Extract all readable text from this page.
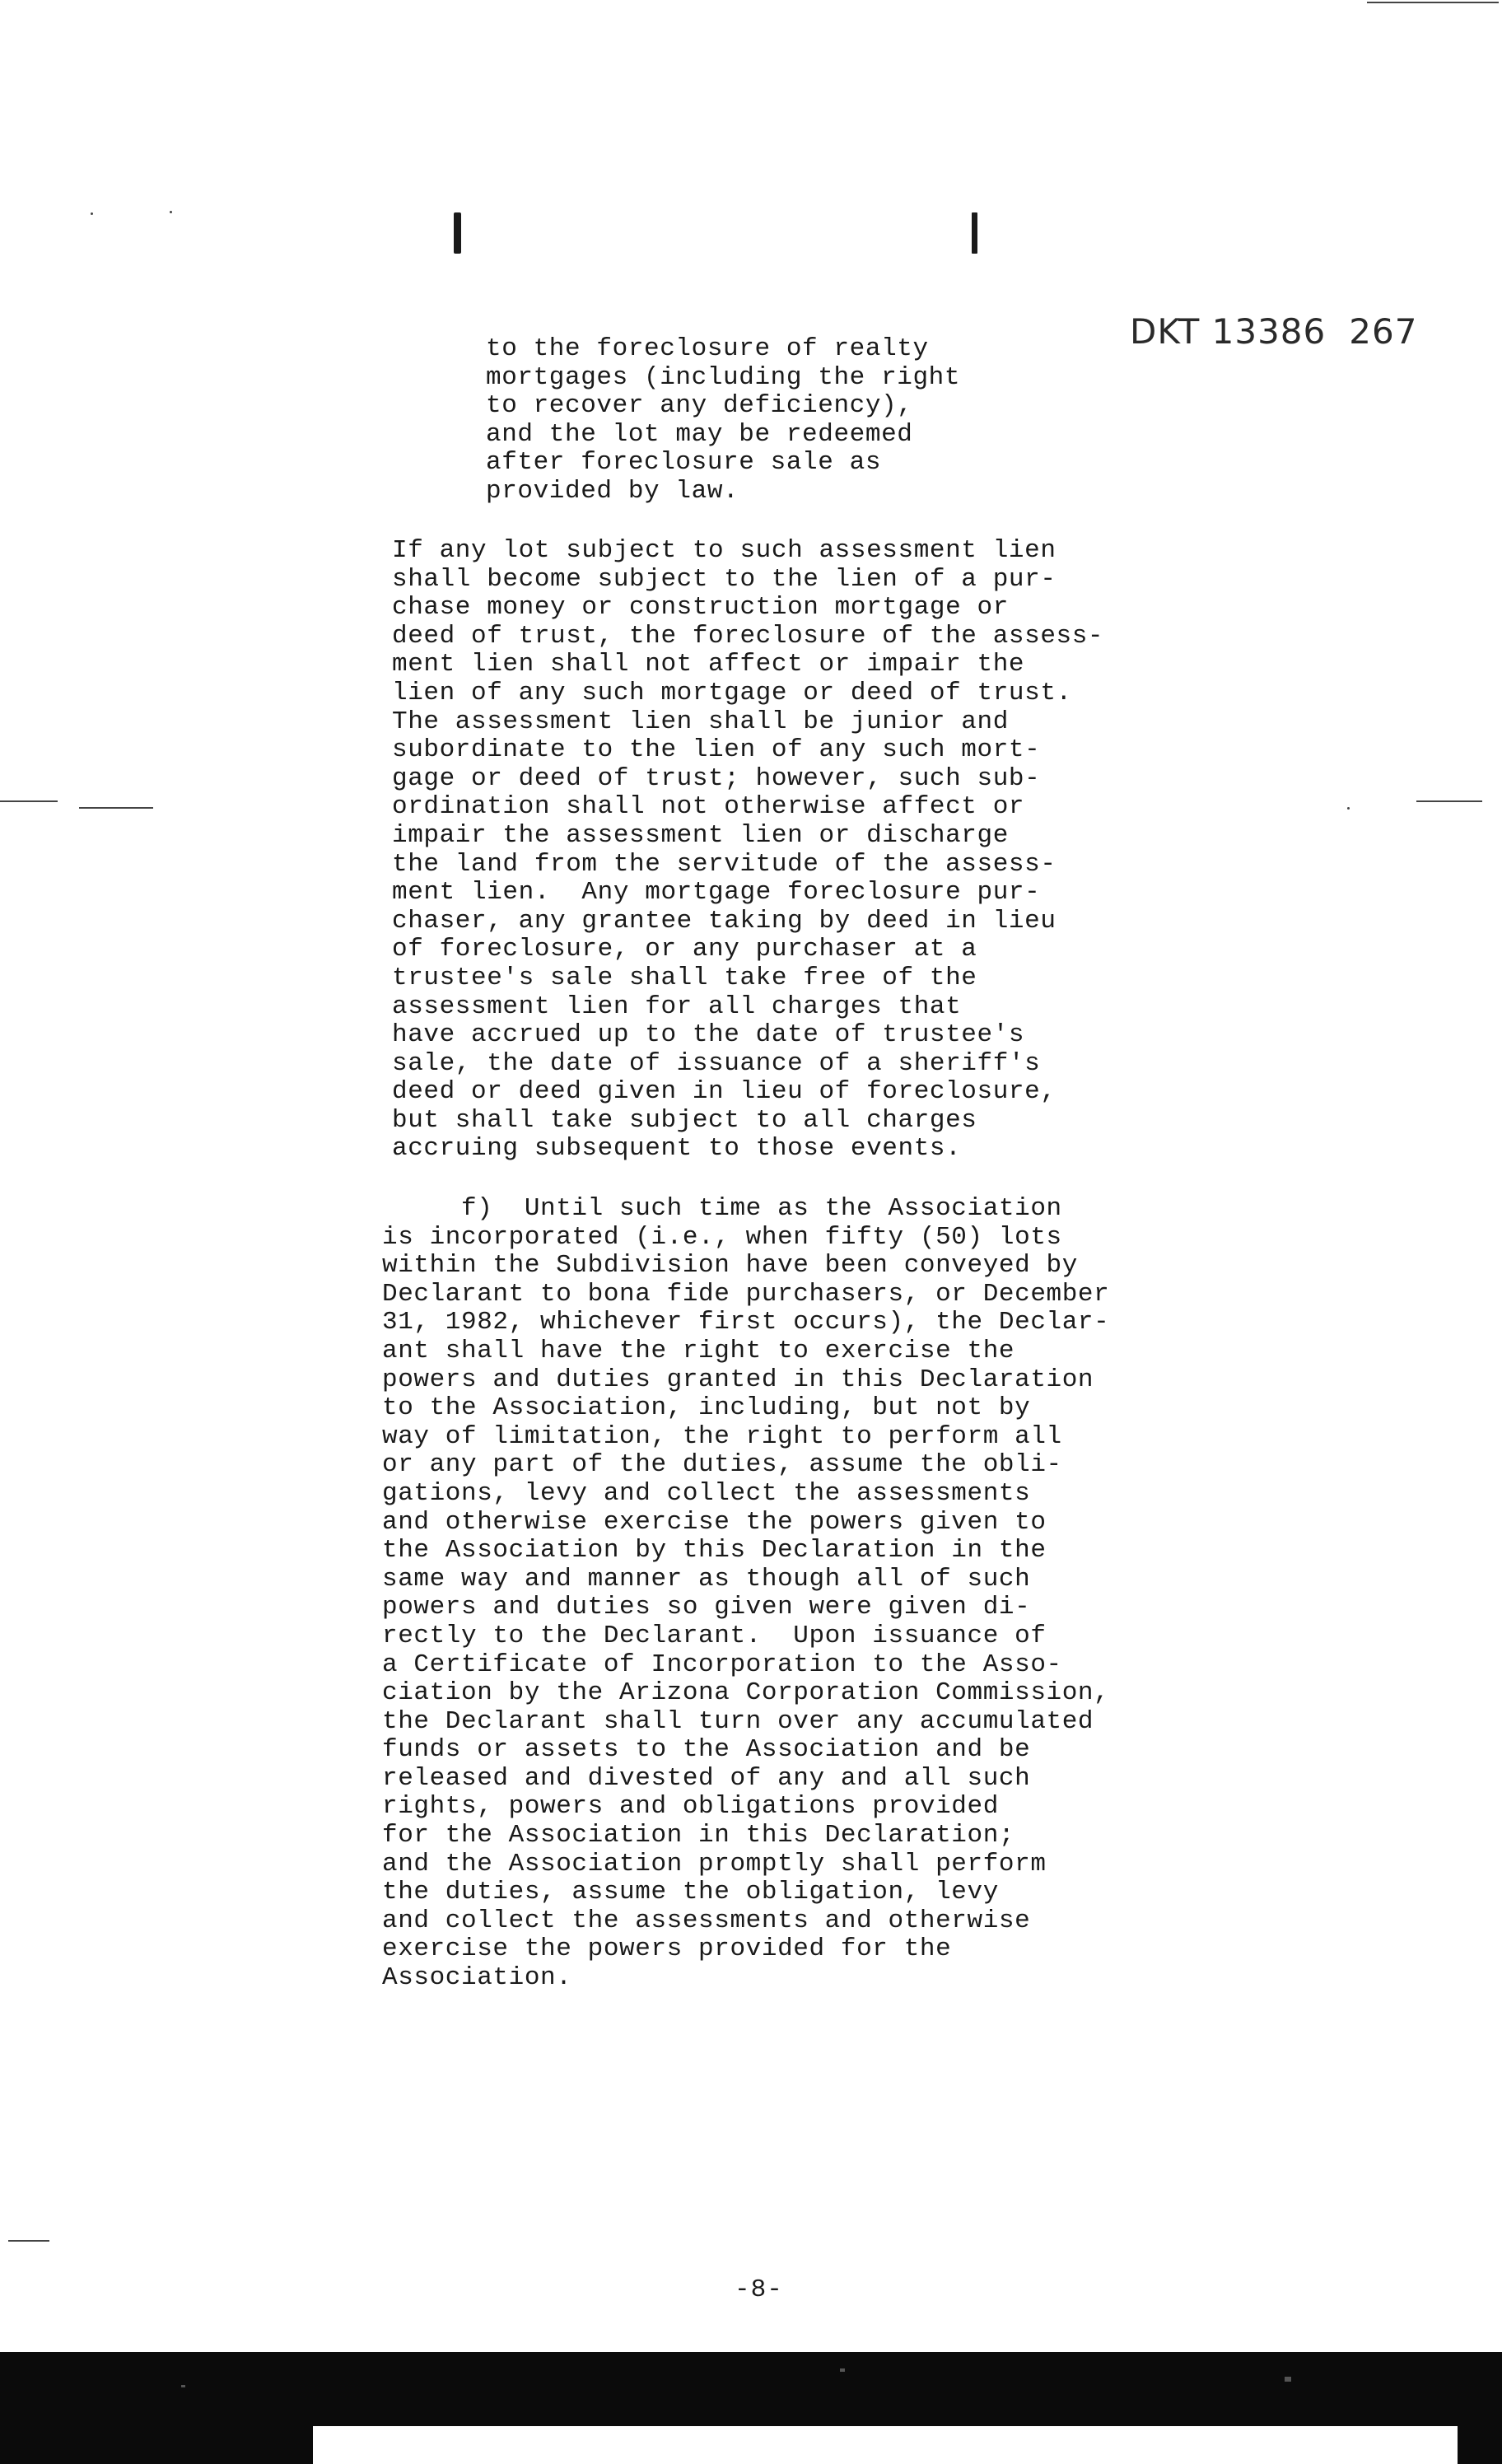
DKT 13386 267
to the foreclosure of realty
mortgages (including the right
to recover any deficiency),
and the lot may be redeemed
after foreclosure sale as
provided by law.
If any lot subject to such assessment lien
shall become subject to the lien of a pur-
chase money or construction mortgage or
deed of trust, the foreclosure of the assess-
ment lien shall not affect or impair the
lien of any such mortgage or deed of trust.
The assessment lien shall be junior and
subordinate to the lien of any such mort-
gage or deed of trust; however, such sub-
ordination shall not otherwise affect or
impair the assessment lien or discharge
the land from the servitude of the assess-
ment lien.  Any mortgage foreclosure pur-
chaser, any grantee taking by deed in lieu
of foreclosure, or any purchaser at a
trustee's sale shall take free of the
assessment lien for all charges that
have accrued up to the date of trustee's
sale, the date of issuance of a sheriff's
deed or deed given in lieu of foreclosure,
but shall take subject to all charges
accruing subsequent to those events.
f)  Until such time as the Association
is incorporated (i.e., when fifty (50) lots
within the Subdivision have been conveyed by
Declarant to bona fide purchasers, or December
31, 1982, whichever first occurs), the Declar-
ant shall have the right to exercise the
powers and duties granted in this Declaration
to the Association, including, but not by
way of limitation, the right to perform all
or any part of the duties, assume the obli-
gations, levy and collect the assessments
and otherwise exercise the powers given to
the Association by this Declaration in the
same way and manner as though all of such
powers and duties so given were given di-
rectly to the Declarant.  Upon issuance of
a Certificate of Incorporation to the Asso-
ciation by the Arizona Corporation Commission,
the Declarant shall turn over any accumulated
funds or assets to the Association and be
released and divested of any and all such
rights, powers and obligations provided
for the Association in this Declaration;
and the Association promptly shall perform
the duties, assume the obligation, levy
and collect the assessments and otherwise
exercise the powers provided for the
Association.
-8-
